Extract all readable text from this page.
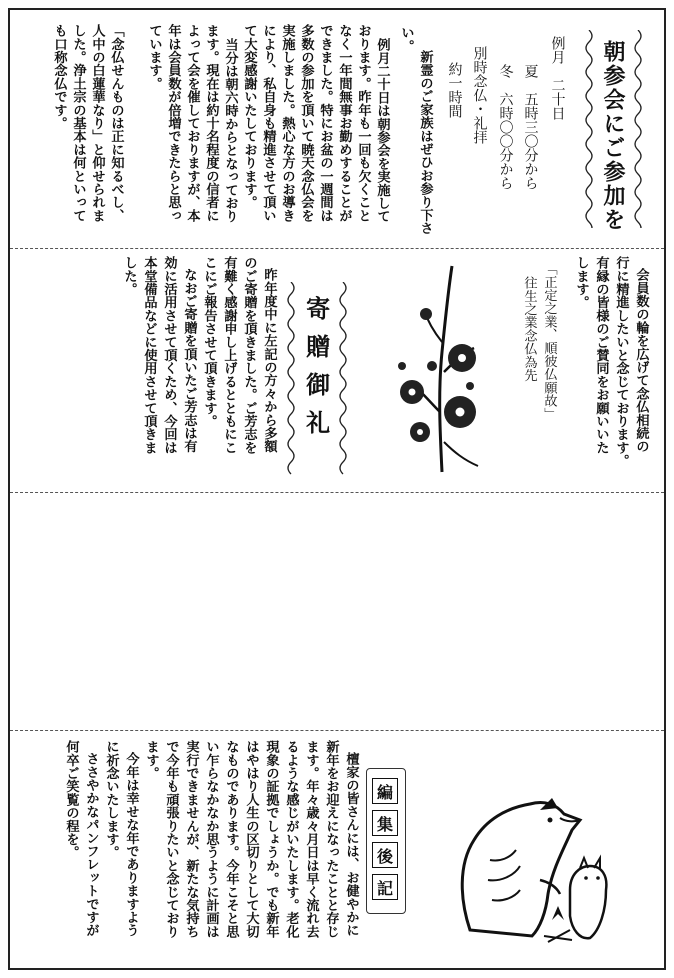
朝参会にご参加を
例月　二十日
夏　五時三〇分から
冬　六時〇〇分から
別時念仏・礼拝
約一時間
新霊のご家族はぜひお参り下さ
い。
例月二十日は朝参会を実施して
おります。昨年も一回も欠くこと
なく一年間無事お勤めすることが
できました。特にお盆の一週間は
多数の参加を頂いて暁天念仏会を
実施しました。熱心な方のお導き
により、私自身も精進させて頂い
て大変感謝いたしております。
当分は朝六時からとなっており
ます。現在は約十名程度の信者に
よって会を催しておりますが、本
年は会員数が倍増できたらと思っ
ています。
「念仏せんものは正に知るべし、
人中の白蓮華なり」と仰せられま
した。浄土宗の基本は何といって
も口称念仏です。
会員数の輪を広げて念仏相続の
行に精進したいと念じております。
有縁の皆様のご賛同をお願いいた
します。
「正定之業、順彼仏願故」
往生之業念仏為先
寄贈御礼
昨年度中に左記の方々から多額
のご寄贈を頂きました。ご芳志を
有難く感謝申し上げるとともにこ
こにご報告させて頂きます。
なおご寄贈を頂いたご芳志は有
効に活用させて頂くため、今回は
本堂備品などに使用させて頂きま
した。
編
集
後
記
檀家の皆さんには、お健やかに
新年をお迎えになったことと存じ
ます。年々歳々月日は早く流れ去
るような感じがいたします。老化
現象の証拠でしょうか。でも新年
はやはり人生の区切りとして大切
なものであります。今年こそと思
い乍らなかなか思うように計画は
実行できませんが、新たな気持ち
で今年も頑張りたいと念じており
ます。
今年は幸せな年でありますよう
に祈念いたします。
ささやかなパンフレットですが
何卒ご笑覧の程を。
